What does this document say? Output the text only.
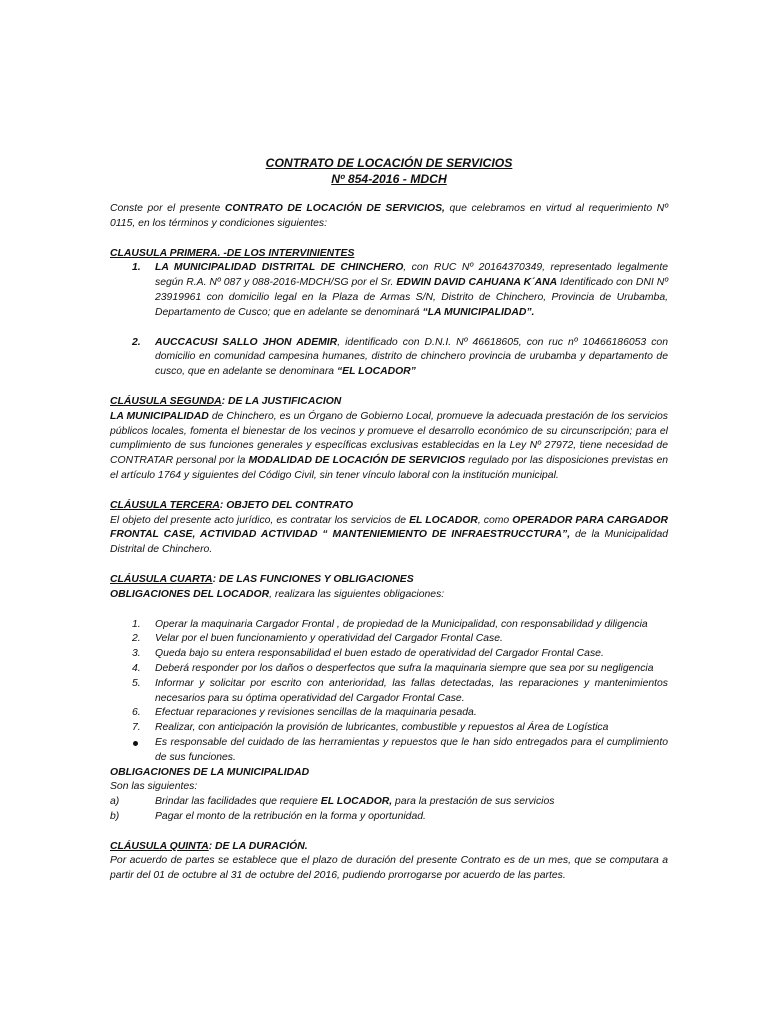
CONTRATO DE LOCACIÓN DE SERVICIOS
Nº 854-2016 - MDCH

Conste por el presente CONTRATO DE LOCACIÓN DE SERVICIOS, que celebramos en virtud al requerimiento Nº 0115, en los términos y condiciones siguientes:

CLAUSULA PRIMERA. -DE LOS INTERVINIENTES
1. LA MUNICIPALIDAD DISTRITAL DE CHINCHERO, con RUC Nº 20164370349, representado legalmente según R.A. Nº 087 y 088-2016-MDCH/SG por el Sr. EDWIN DAVID CAHUANA K´ANA Identificado con DNI Nº 23919961 con domicilio legal en la Plaza de Armas S/N, Distrito de Chinchero, Provincia de Urubamba, Departamento de Cusco; que en adelante se denominará “LA MUNICIPALIDAD”.
2. AUCCACUSI SALLO JHON ADEMIR, identificado con D.N.I. Nº 46618605, con ruc nº 10466186053 con domicilio en comunidad campesina humanes, distrito de chinchero provincia de urubamba y departamento de cusco, que en adelante se denominara “EL LOCADOR”
CLÁUSULA SEGUNDA: DE LA JUSTIFICACION

LA MUNICIPALIDAD de Chinchero, es un Órgano de Gobierno Local, promueve la adecuada prestación de los servicios públicos locales, fomenta el bienestar de los vecinos y promueve el desarrollo económico de su circunscripción; para el cumplimiento de sus funciones generales y específicas exclusivas establecidas en la Ley Nº 27972, tiene necesidad de CONTRATAR personal por la MODALIDAD DE LOCACIÓN DE SERVICIOS regulado por las disposiciones previstas en el artículo 1764 y siguientes del Código Civil, sin tener vínculo laboral con la institución municipal.

CLÁUSULA TERCERA: OBJETO DEL CONTRATO

El objeto del presente acto jurídico, es contratar los servicios de EL LOCADOR, como OPERADOR PARA CARGADOR FRONTAL CASE, ACTIVIDAD ACTIVIDAD “ MANTENIEMIENTO DE INFRAESTRUCCTURA”, de la Municipalidad Distrital de Chinchero.

CLÁUSULA CUARTA: DE LAS FUNCIONES Y OBLIGACIONES
OBLIGACIONES DEL LOCADOR, realizara las siguientes obligaciones:
1. Operar la maquinaria Cargador Frontal , de propiedad de la Municipalidad, con responsabilidad y diligencia
2. Velar por el buen funcionamiento y operatividad del Cargador Frontal Case.
3. Queda bajo su entera responsabilidad el buen estado de operatividad del Cargador Frontal Case.
4. Deberá responder por los daños o desperfectos que sufra la maquinaria siempre que sea por su negligencia
5. Informar y solicitar por escrito con anterioridad, las fallas detectadas, las reparaciones y mantenimientos necesarios para su óptima operatividad del Cargador Frontal Case.
6. Efectuar reparaciones y revisiones sencillas de la maquinaria pesada.
7. Realizar, con anticipación la provisión de lubricantes, combustible y repuestos al Área de Logística
Es responsable del cuidado de las herramientas y repuestos que le han sido entregados para el cumplimiento de sus funciones.
OBLIGACIONES DE LA MUNICIPALIDAD
Son las siguientes:
a)	Brindar las facilidades que requiere EL LOCADOR, para la prestación de sus servicios
b)	Pagar el monto de la retribución en la forma y oportunidad.
CLÁUSULA QUINTA: DE LA DURACIÓN.

Por acuerdo de partes se establece que el plazo de duración del presente Contrato es de un mes, que se computara a partir del 01 de octubre al 31 de octubre del 2016, pudiendo prorrogarse por acuerdo de las partes.
